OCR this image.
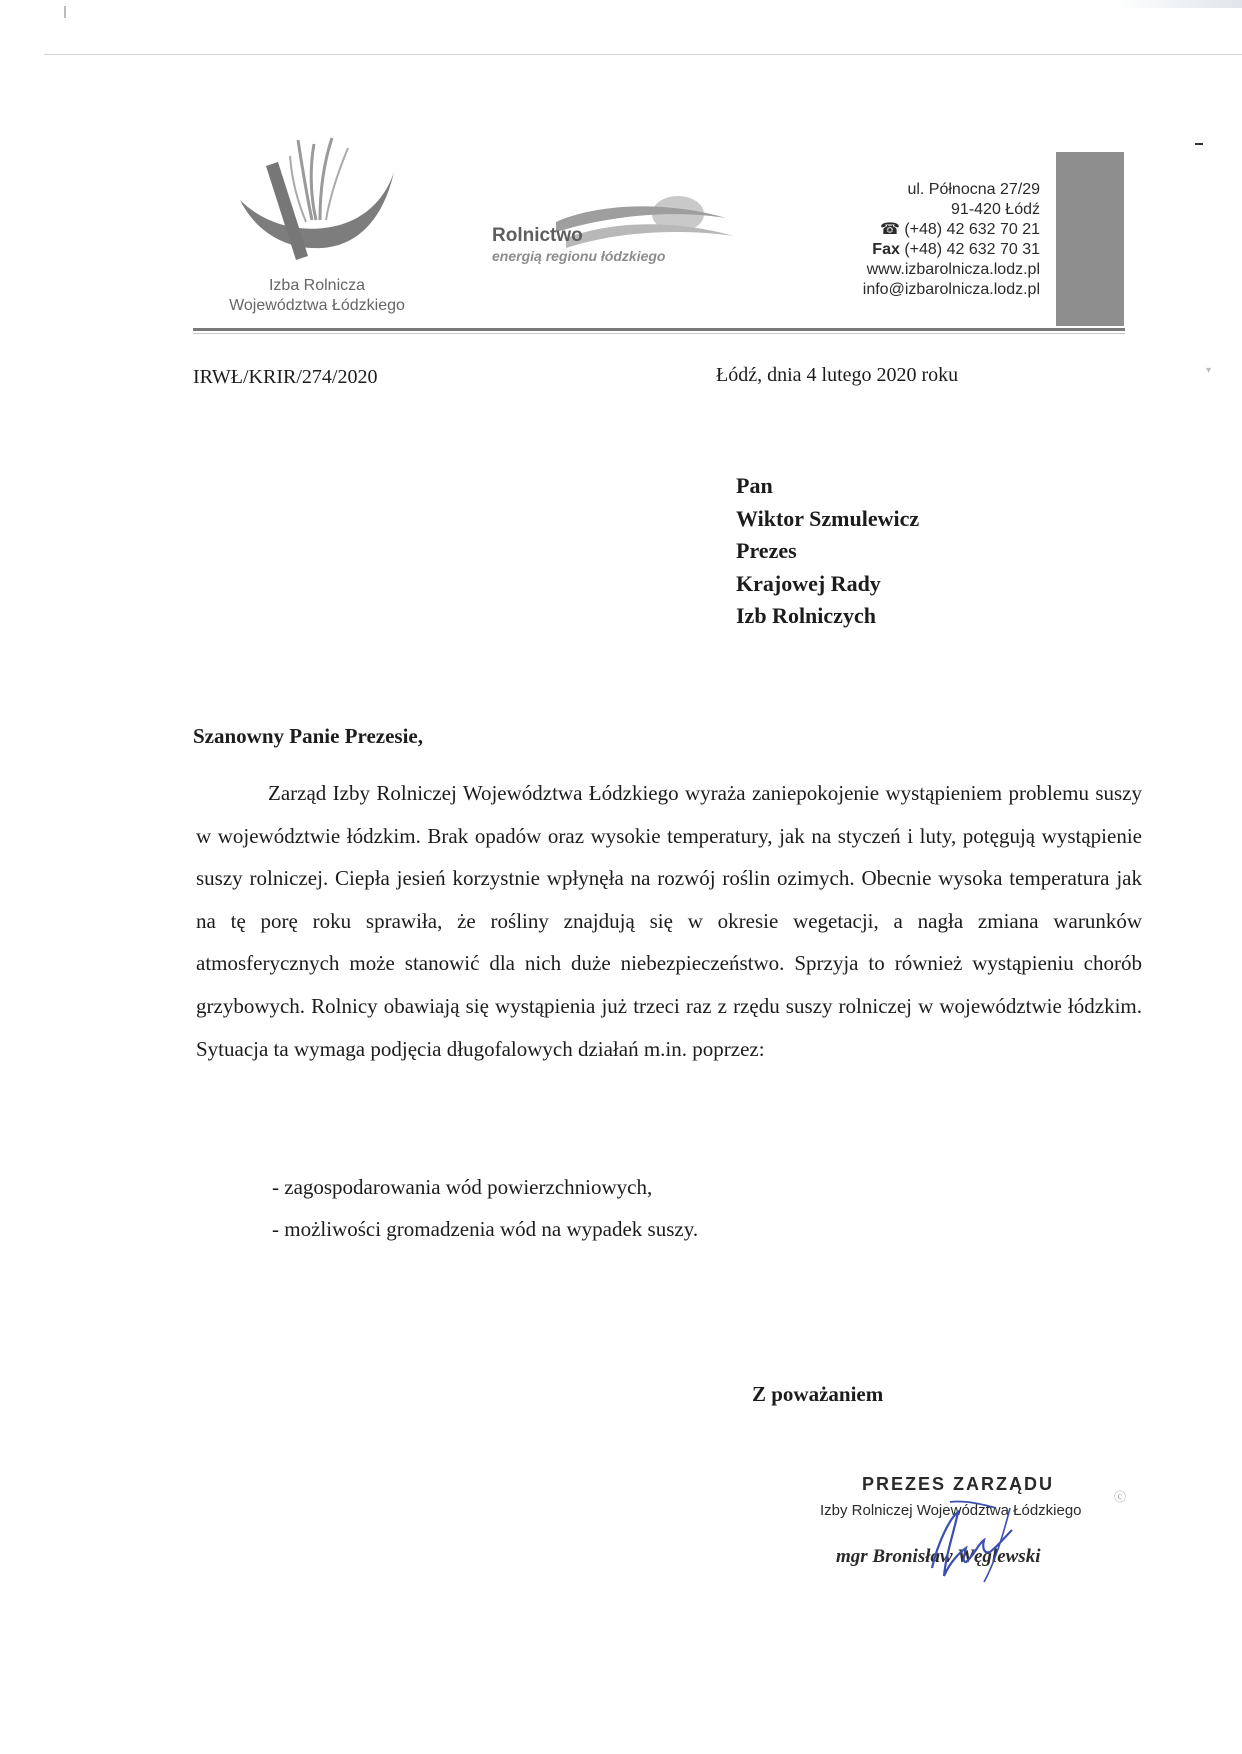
▾
Izba Rolnicza
Województwa Łódzkiego
Rolnictwo
energią regionu łódzkiego
ul. Północna 27/29
91-420 Łódź
☎ (+48) 42 632 70 21
Fax (+48) 42 632 70 31
www.izbarolnicza.lodz.pl
info@izbarolnicza.lodz.pl
IRWŁ/KRIR/274/2020	Łódź, dnia 4 lutego 2020 roku
Pan
Wiktor Szmulewicz
Prezes
Krajowej Rady
Izb Rolniczych
Szanowny Panie Prezesie,

Zarząd Izby Rolniczej Województwa Łódzkiego wyraża zaniepokojenie wystąpieniem problemu suszy w województwie łódzkim. Brak opadów oraz wysokie temperatury, jak na styczeń i luty, potęgują wystąpienie suszy rolniczej. Ciepła jesień korzystnie wpłynęła na rozwój roślin ozimych. Obecnie wysoka temperatura jak na tę porę roku sprawiła, że rośliny znajdują się w okresie wegetacji, a nagła zmiana warunków atmosferycznych może stanowić dla nich duże niebezpieczeństwo. Sprzyja to również wystąpieniu chorób grzybowych. Rolnicy obawiają się wystąpienia już trzeci raz z rzędu suszy rolniczej w województwie łódzkim. Sytuacja ta wymaga podjęcia długofalowych działań m.in. poprzez:

- zagospodarowania wód powierzchniowych,
- możliwości gromadzenia wód na wypadek suszy.
Z poważaniem
PREZES ZARZĄDU
Izby Rolniczej Województwa Łódzkiego
mgr Bronisław Węglewski
ⓒ
